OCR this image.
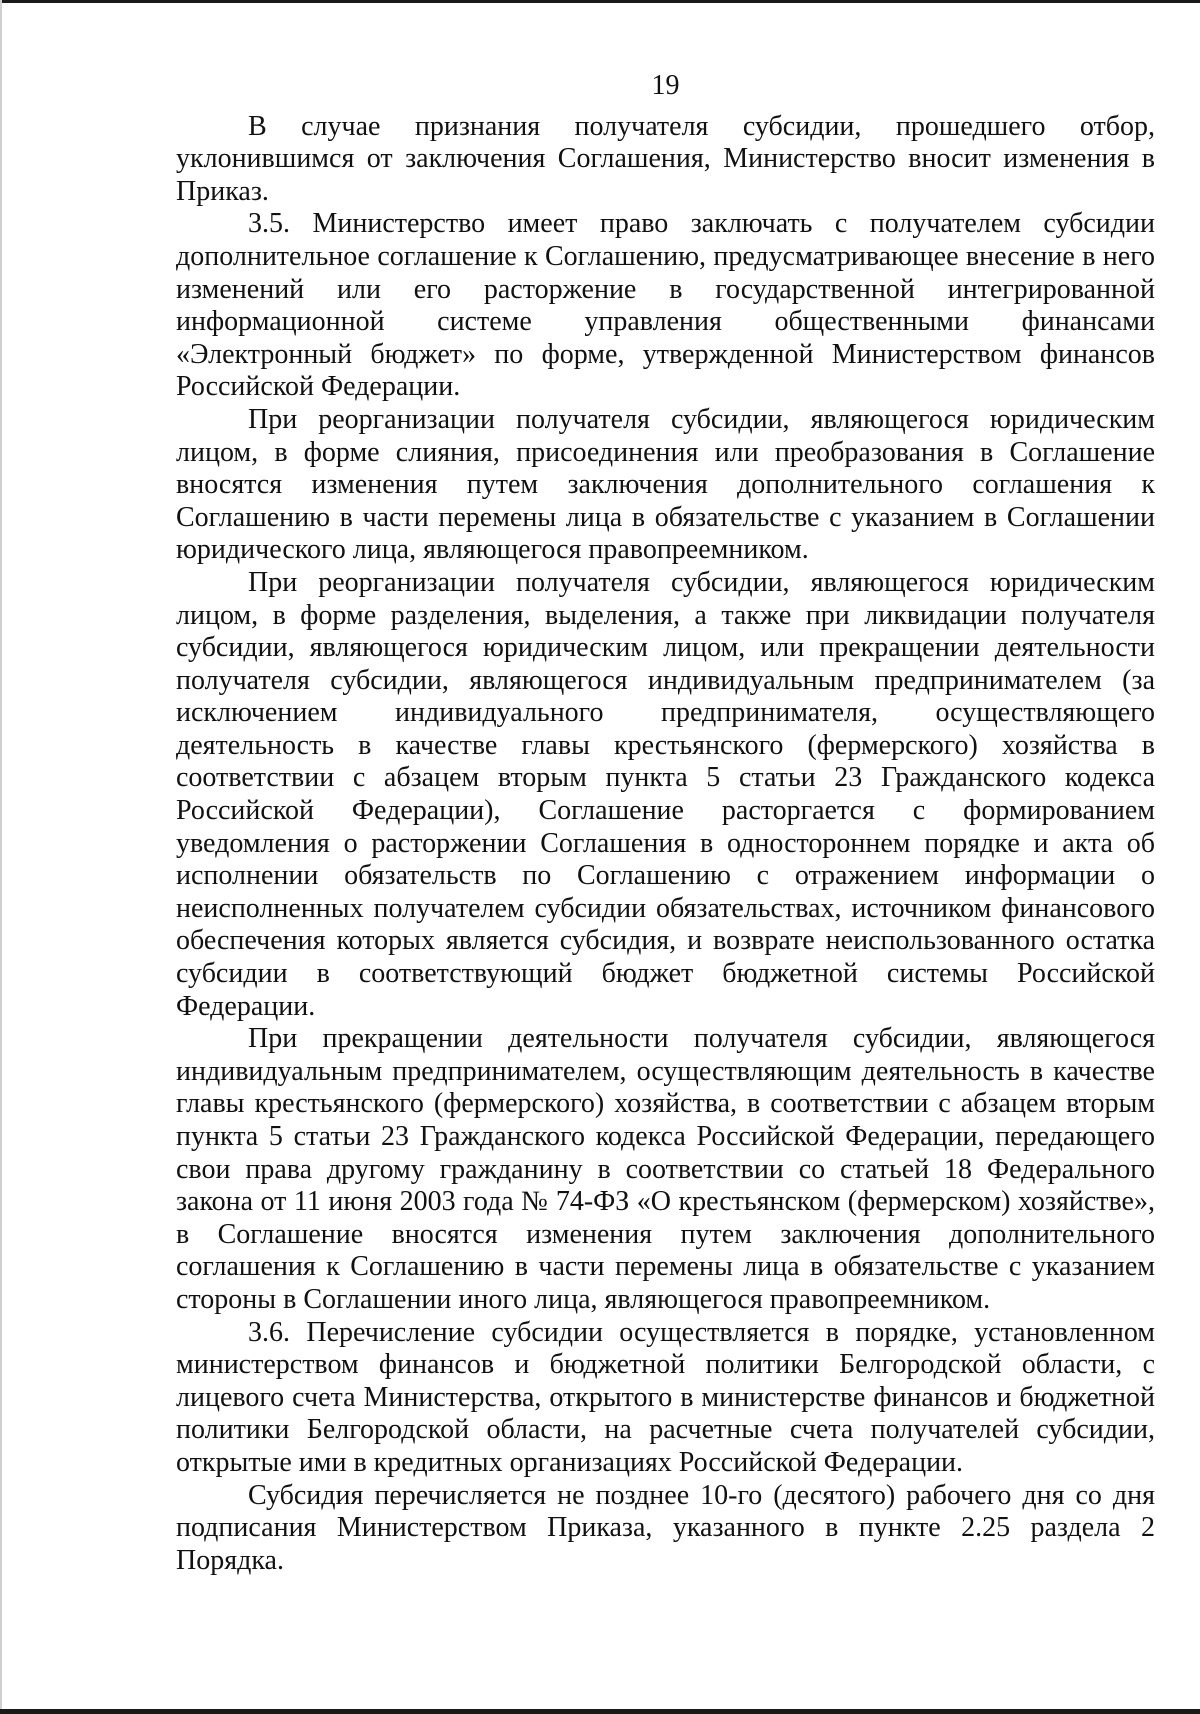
19

В случае признания получателя субсидии, прошедшего отбор, уклонившимся от заключения Соглашения, Министерство вносит изменения в Приказ.

3.5. Министерство имеет право заключать с получателем субсидии дополнительное соглашение к Соглашению, предусматривающее внесение в него изменений или его расторжение в государственной интегрированной информационной системе управления общественными финансами «Электронный бюджет» по форме, утвержденной Министерством финансов Российской Федерации.

При реорганизации получателя субсидии, являющегося юридическим лицом, в форме слияния, присоединения или преобразования в Соглашение вносятся изменения путем заключения дополнительного соглашения к Соглашению в части перемены лица в обязательстве с указанием в Соглашении юридического лица, являющегося правопреемником.

При реорганизации получателя субсидии, являющегося юридическим лицом, в форме разделения, выделения, а также при ликвидации получателя субсидии, являющегося юридическим лицом, или прекращении деятельности получателя субсидии, являющегося индивидуальным предпринимателем (за исключением индивидуального предпринимателя, осуществляющего деятельность в качестве главы крестьянского (фермерского) хозяйства в соответствии с абзацем вторым пункта 5 статьи 23 Гражданского кодекса Российской Федерации), Соглашение расторгается с формированием уведомления о расторжении Соглашения в одностороннем порядке и акта об исполнении обязательств по Соглашению с отражением информации о неисполненных получателем субсидии обязательствах, источником финансового обеспечения которых является субсидия, и возврате неиспользованного остатка субсидии в соответствующий бюджет бюджетной системы Российской Федерации.

При прекращении деятельности получателя субсидии, являющегося индивидуальным предпринимателем, осуществляющим деятельность в качестве главы крестьянского (фермерского) хозяйства, в соответствии с абзацем вторым пункта 5 статьи 23 Гражданского кодекса Российской Федерации, передающего свои права другому гражданину в соответствии со статьей 18 Федерального закона от 11 июня 2003 года № 74-ФЗ «О крестьянском (фермерском) хозяйстве», в Соглашение вносятся изменения путем заключения дополнительного соглашения к Соглашению в части перемены лица в обязательстве с указанием стороны в Соглашении иного лица, являющегося правопреемником.

3.6. Перечисление субсидии осуществляется в порядке, установленном министерством финансов и бюджетной политики Белгородской области, с лицевого счета Министерства, открытого в министерстве финансов и бюджетной политики Белгородской области, на расчетные счета получателей субсидии, открытые ими в кредитных организациях Российской Федерации.

Субсидия перечисляется не позднее 10-го (десятого) рабочего дня со дня подписания Министерством Приказа, указанного в пункте 2.25 раздела 2 Порядка.
